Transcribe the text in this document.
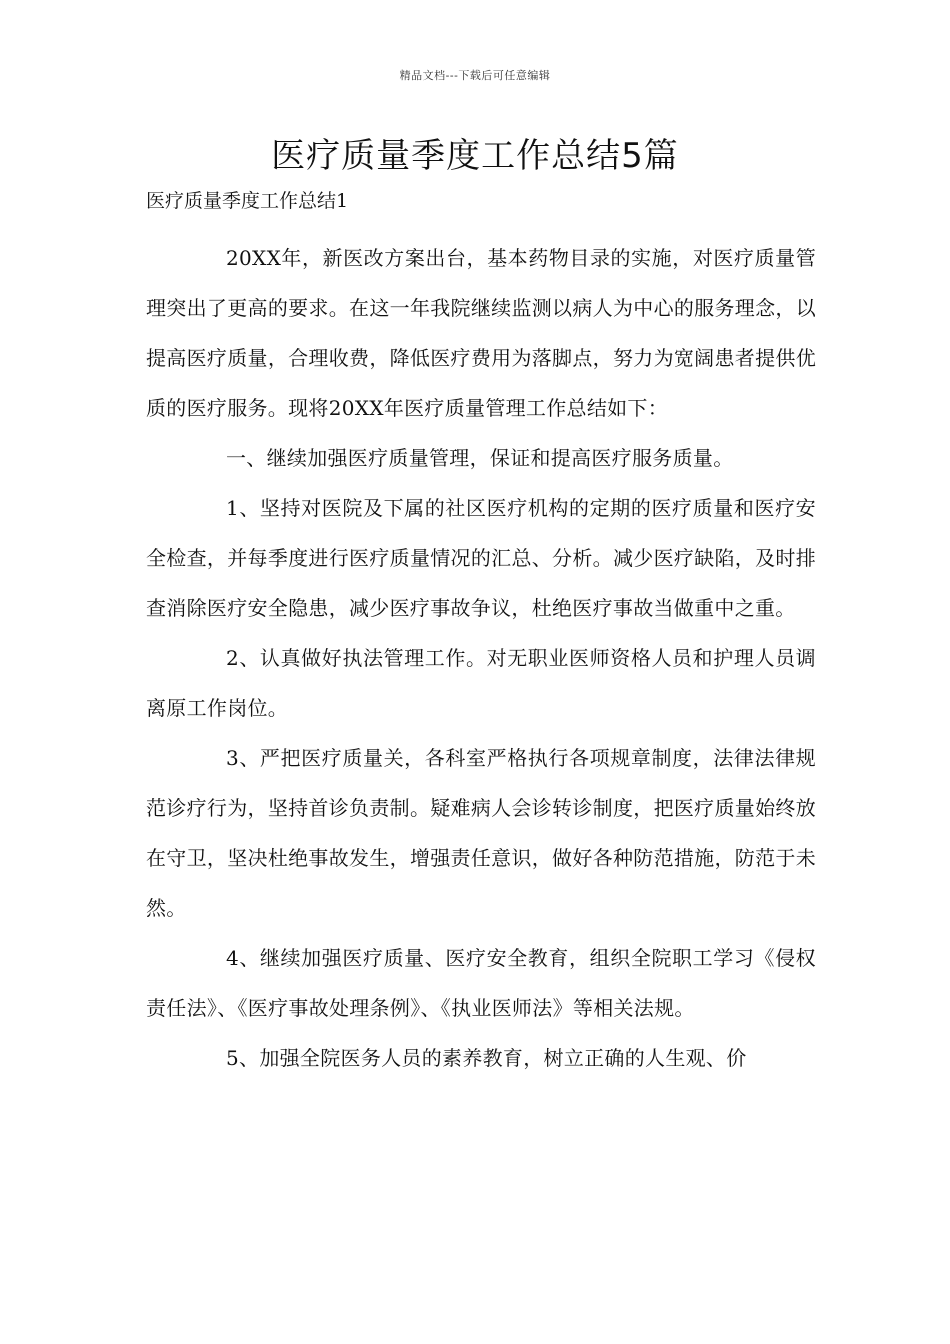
精品文档---下载后可任意编辑
医疗质量季度工作总结5篇

医疗质量季度工作总结1

20XX年，新医改方案出台，基本药物目录的实施，对医疗质量管理突出了更高的要求。在这一年我院继续监测以病人为中心的服务理念，以提高医疗质量，合理收费，降低医疗费用为落脚点，努力为宽阔患者提供优质的医疗服务。现将20XX年医疗质量管理工作总结如下：

一、继续加强医疗质量管理，保证和提高医疗服务质量。

1、坚持对医院及下属的社区医疗机构的定期的医疗质量和医疗安全检查，并每季度进行医疗质量情况的汇总、分析。减少医疗缺陷，及时排查消除医疗安全隐患，减少医疗事故争议，杜绝医疗事故当做重中之重。

2、认真做好执法管理工作。对无职业医师资格人员和护理人员调离原工作岗位。

3、严把医疗质量关，各科室严格执行各项规章制度，法律法律规范诊疗行为，坚持首诊负责制。疑难病人会诊转诊制度，把医疗质量始终放在守卫，坚决杜绝事故发生，增强责任意识，做好各种防范措施，防范于未然。

4、继续加强医疗质量、医疗安全教育，组织全院职工学习《侵权责任法》、《医疗事故处理条例》、《执业医师法》等相关法规。

5、加强全院医务人员的素养教育，树立正确的人生观、价
